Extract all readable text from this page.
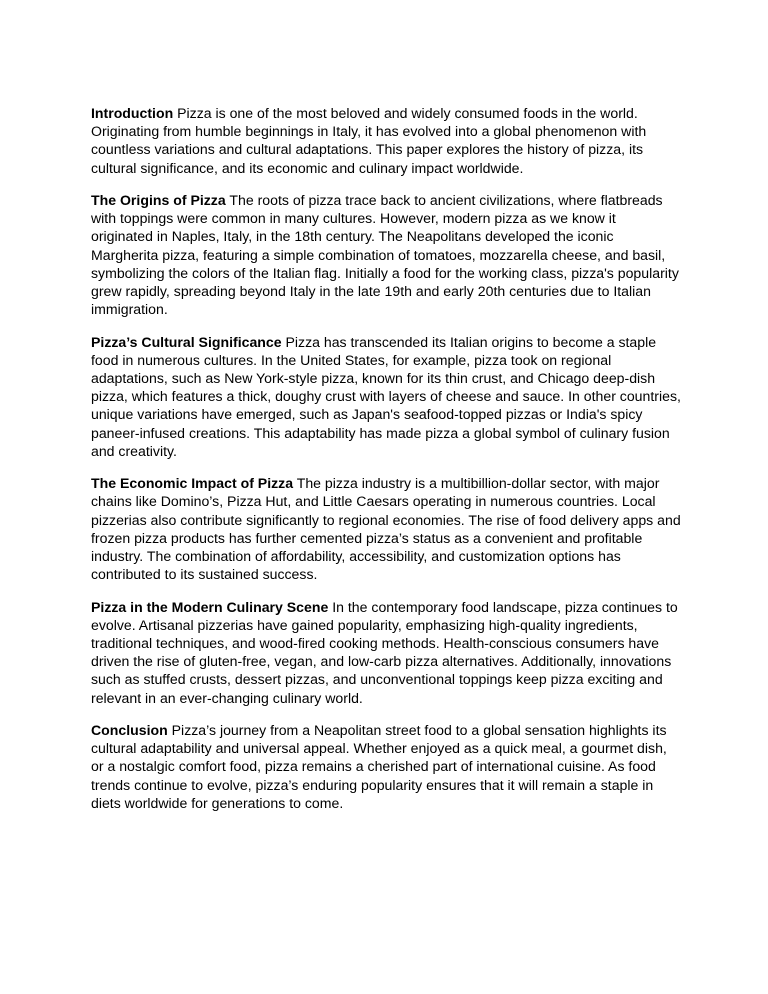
Introduction Pizza is one of the most beloved and widely consumed foods in the world. Originating from humble beginnings in Italy, it has evolved into a global phenomenon with countless variations and cultural adaptations. This paper explores the history of pizza, its cultural significance, and its economic and culinary impact worldwide.

The Origins of Pizza The roots of pizza trace back to ancient civilizations, where flatbreads with toppings were common in many cultures. However, modern pizza as we know it originated in Naples, Italy, in the 18th century. The Neapolitans developed the iconic Margherita pizza, featuring a simple combination of tomatoes, mozzarella cheese, and basil, symbolizing the colors of the Italian flag. Initially a food for the working class, pizza's popularity grew rapidly, spreading beyond Italy in the late 19th and early 20th centuries due to Italian immigration.

Pizza’s Cultural Significance Pizza has transcended its Italian origins to become a staple food in numerous cultures. In the United States, for example, pizza took on regional adaptations, such as New York-style pizza, known for its thin crust, and Chicago deep-dish pizza, which features a thick, doughy crust with layers of cheese and sauce. In other countries, unique variations have emerged, such as Japan's seafood-topped pizzas or India's spicy paneer-infused creations. This adaptability has made pizza a global symbol of culinary fusion and creativity.

The Economic Impact of Pizza The pizza industry is a multibillion-dollar sector, with major chains like Domino’s, Pizza Hut, and Little Caesars operating in numerous countries. Local pizzerias also contribute significantly to regional economies. The rise of food delivery apps and frozen pizza products has further cemented pizza’s status as a convenient and profitable industry. The combination of affordability, accessibility, and customization options has contributed to its sustained success.

Pizza in the Modern Culinary Scene In the contemporary food landscape, pizza continues to evolve. Artisanal pizzerias have gained popularity, emphasizing high-quality ingredients, traditional techniques, and wood-fired cooking methods. Health-conscious consumers have driven the rise of gluten-free, vegan, and low-carb pizza alternatives. Additionally, innovations such as stuffed crusts, dessert pizzas, and unconventional toppings keep pizza exciting and relevant in an ever-changing culinary world.

Conclusion Pizza’s journey from a Neapolitan street food to a global sensation highlights its cultural adaptability and universal appeal. Whether enjoyed as a quick meal, a gourmet dish, or a nostalgic comfort food, pizza remains a cherished part of international cuisine. As food trends continue to evolve, pizza’s enduring popularity ensures that it will remain a staple in diets worldwide for generations to come.
